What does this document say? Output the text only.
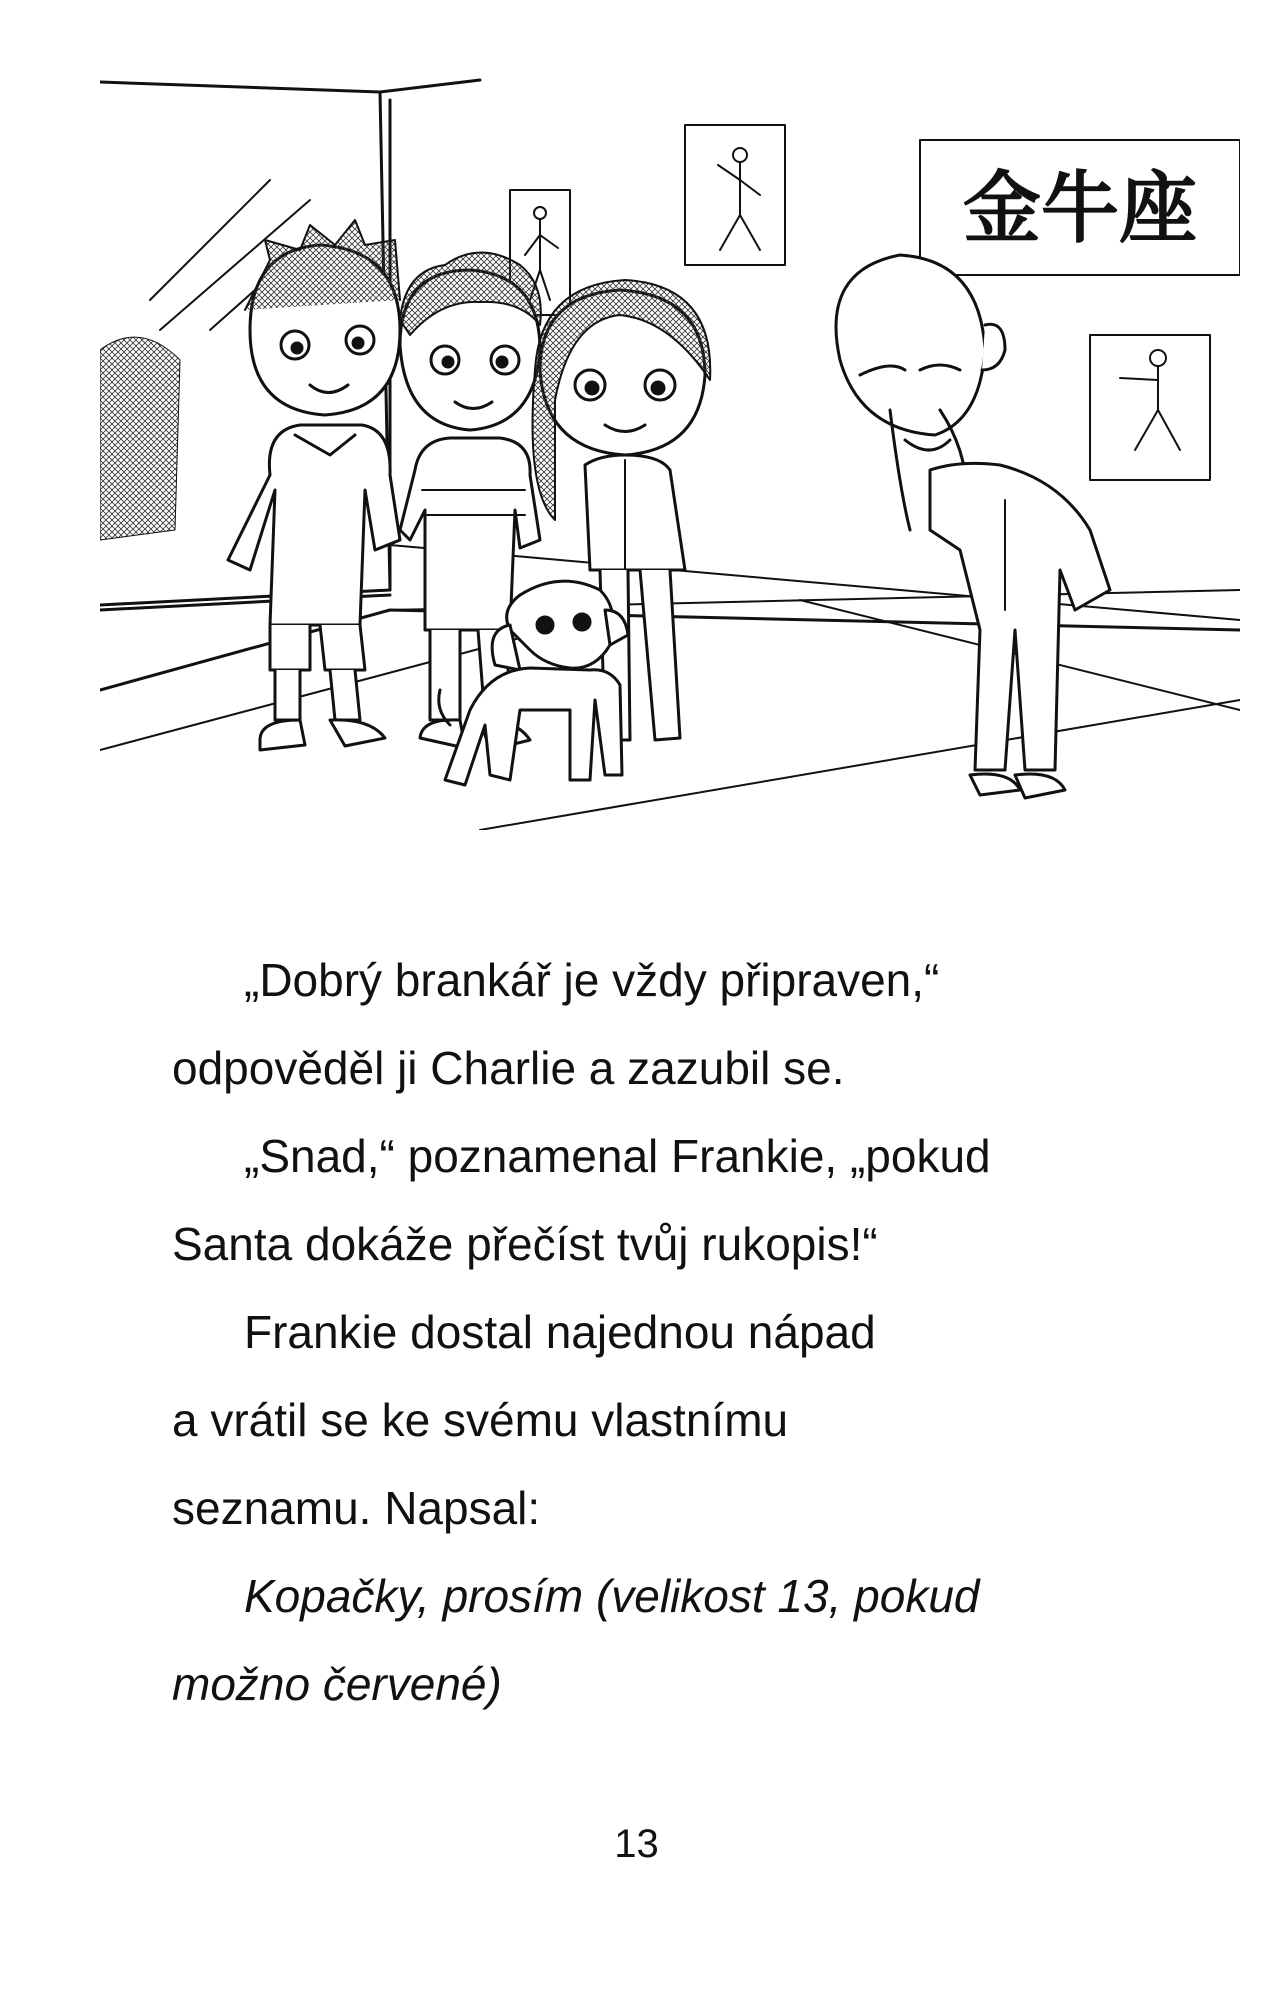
金牛座
„Dobrý brankář je vždy připraven,“
odpověděl ji Charlie a zazubil se.
„Snad,“ poznamenal Frankie, „pokud
Santa dokáže přečíst tvůj rukopis!“
Frankie dostal najednou nápad
a vrátil se ke svému vlastnímu
seznamu. Napsal:
Kopačky, prosím (velikost 13, pokud
možno červené)
13
